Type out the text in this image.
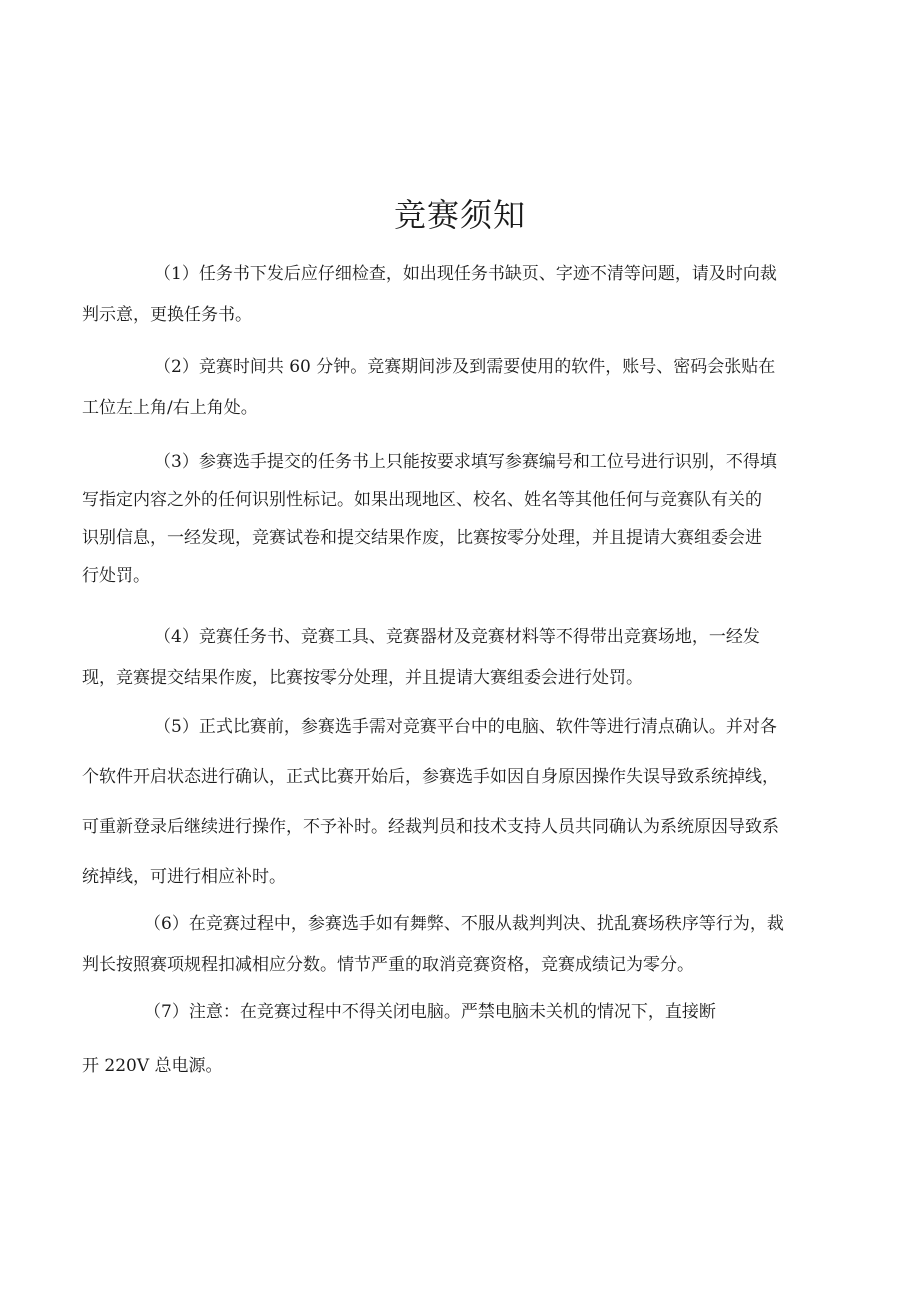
竞赛须知

（1）任务书下发后应仔细检查，如出现任务书缺页、字迹不清等问题，请及时向裁

判示意，更换任务书。

（2）竞赛时间共 60 分钟。竞赛期间涉及到需要使用的软件，账号、密码会张贴在

工位左上角/右上角处。

（3）参赛选手提交的任务书上只能按要求填写参赛编号和工位号进行识别，不得填

写指定内容之外的任何识别性标记。如果出现地区、校名、姓名等其他任何与竞赛队有关的

识别信息，一经发现，竞赛试卷和提交结果作废，比赛按零分处理，并且提请大赛组委会进

行处罚。

（4）竞赛任务书、竞赛工具、竞赛器材及竞赛材料等不得带出竞赛场地，一经发

现，竞赛提交结果作废，比赛按零分处理，并且提请大赛组委会进行处罚。

（5）正式比赛前，参赛选手需对竞赛平台中的电脑、软件等进行清点确认。并对各

个软件开启状态进行确认，正式比赛开始后，参赛选手如因自身原因操作失误导致系统掉线，

可重新登录后继续进行操作，不予补时。经裁判员和技术支持人员共同确认为系统原因导致系

统掉线，可进行相应补时。

（6）在竞赛过程中，参赛选手如有舞弊、不服从裁判判决、扰乱赛场秩序等行为，裁

判长按照赛项规程扣减相应分数。情节严重的取消竞赛资格，竞赛成绩记为零分。

（7）注意：在竞赛过程中不得关闭电脑。严禁电脑未关机的情况下，直接断

开 220V 总电源。
